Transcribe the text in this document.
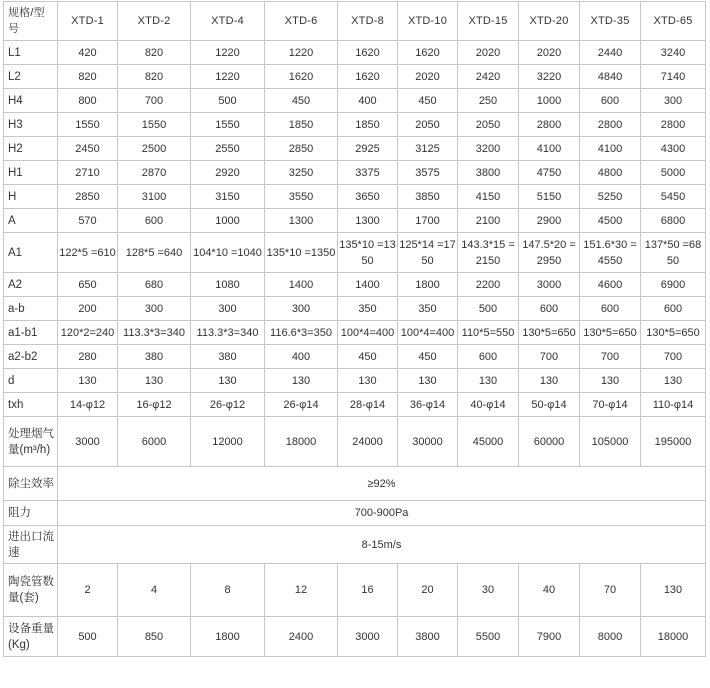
规格/型号	XTD-1	XTD-2	XTD-4	XTD-6	XTD-8	XTD-10	XTD-15	XTD-20	XTD-35	XTD-65
L1	420	820	1220	1220	1620	1620	2020	2020	2440	3240
L2	820	820	1220	1620	1620	2020	2420	3220	4840	7140
H4	800	700	500	450	400	450	250	1000	600	300
H3	1550	1550	1550	1850	1850	2050	2050	2800	2800	2800
H2	2450	2500	2550	2850	2925	3125	3200	4100	4100	4300
H1	2710	2870	2920	3250	3375	3575	3800	4750	4800	5000
H	2850	3100	3150	3550	3650	3850	4150	5150	5250	5450
A	570	600	1000	1300	1300	1700	2100	2900	4500	6800
A1	122*5 =610	128*5 =640	104*10 =1040	135*10 =1350	135*10 =1350	125*14 =1750	143.3*15 =2150	147.5*20 =2950	151.6*30 =4550	137*50 =6850
A2	650	680	1080	1400	1400	1800	2200	3000	4600	6900
a-b	200	300	300	300	350	350	500	600	600	600
a1-b1	120*2=240	113.3*3=340	113.3*3=340	116.6*3=350	100*4=400	100*4=400	110*5=550	130*5=650	130*5=650	130*5=650
a2-b2	280	380	380	400	450	450	600	700	700	700
d	130	130	130	130	130	130	130	130	130	130
txh	14-φ12	16-φ12	26-φ12	26-φ14	28-φ14	36-φ14	40-φ14	50-φ14	70-φ14	110-φ14
处理烟气量(m³/h)	3000	6000	12000	18000	24000	30000	45000	60000	105000	195000
除尘效率	≥92%									
阻力	700-900Pa									
进出口流速	8-15m/s									
陶瓷管数量(套)	2	4	8	12	16	20	30	40	70	130
设备重量(Kg)	500	850	1800	2400	3000	3800	5500	7900	8000	18000
